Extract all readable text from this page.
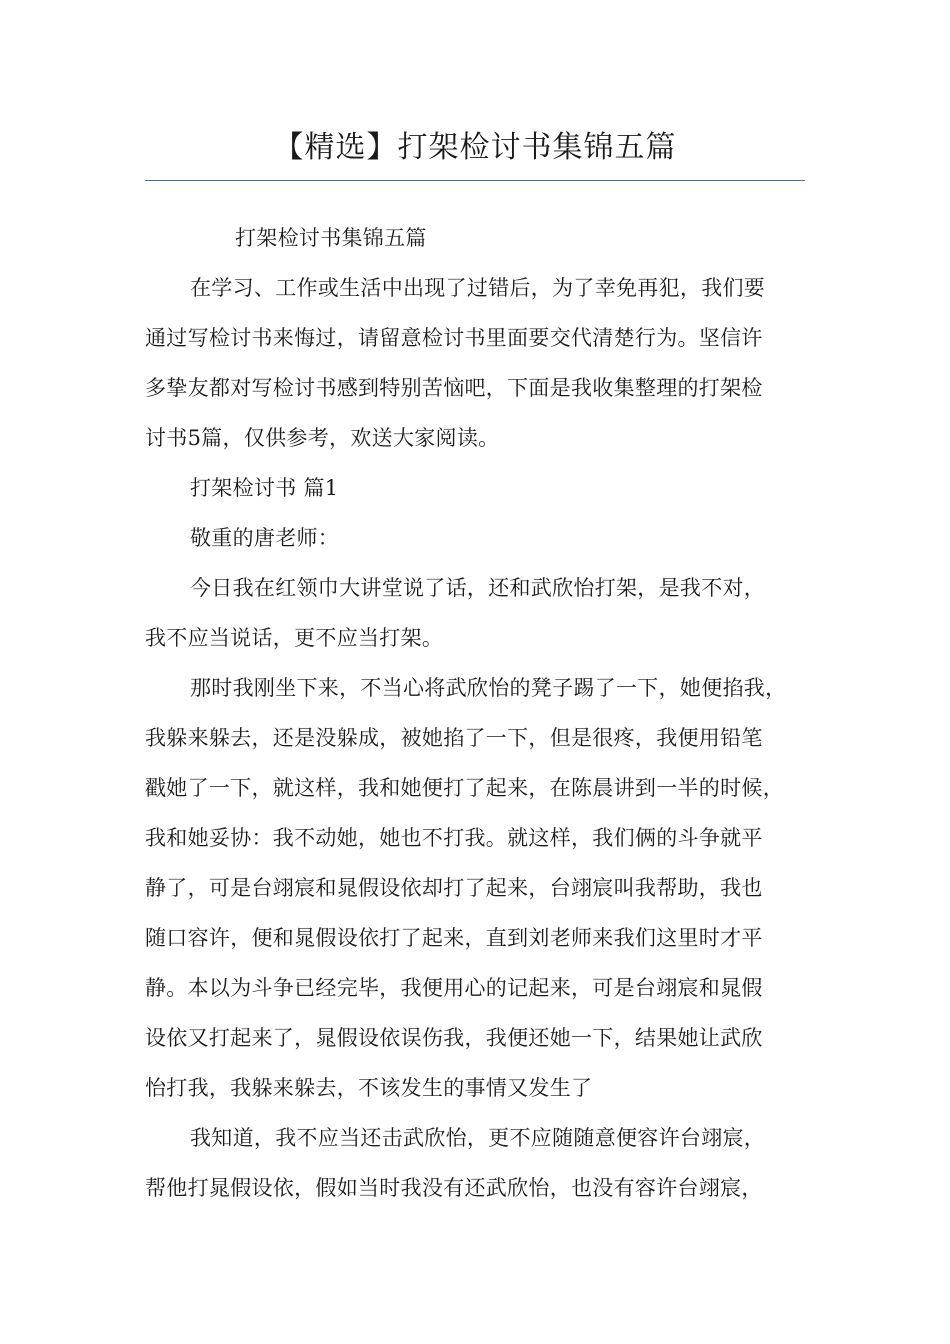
【精选】打架检讨书集锦五篇
打架检讨书集锦五篇
在学习、工作或生活中出现了过错后，为了幸免再犯，我们要
通过写检讨书来悔过，请留意检讨书里面要交代清楚行为。坚信许
多挚友都对写检讨书感到特别苦恼吧，下面是我收集整理的打架检
讨书5篇，仅供参考，欢送大家阅读。
打架检讨书 篇1
敬重的唐老师：
今日我在红领巾大讲堂说了话，还和武欣怡打架，是我不对，
我不应当说话，更不应当打架。
那时我刚坐下来，不当心将武欣怡的凳子踢了一下，她便掐我，
我躲来躲去，还是没躲成，被她掐了一下，但是很疼，我便用铅笔
戳她了一下，就这样，我和她便打了起来，在陈晨讲到一半的时候，
我和她妥协：我不动她，她也不打我。就这样，我们俩的斗争就平
静了，可是台翊宸和晁假设依却打了起来，台翊宸叫我帮助，我也
随口容许，便和晁假设依打了起来，直到刘老师来我们这里时才平
静。本以为斗争已经完毕，我便用心的记起来，可是台翊宸和晁假
设依又打起来了，晁假设依误伤我，我便还她一下，结果她让武欣
怡打我，我躲来躲去，不该发生的事情又发生了
我知道，我不应当还击武欣怡，更不应随随意便容许台翊宸，
帮他打晁假设依，假如当时我没有还武欣怡，也没有容许台翊宸，
